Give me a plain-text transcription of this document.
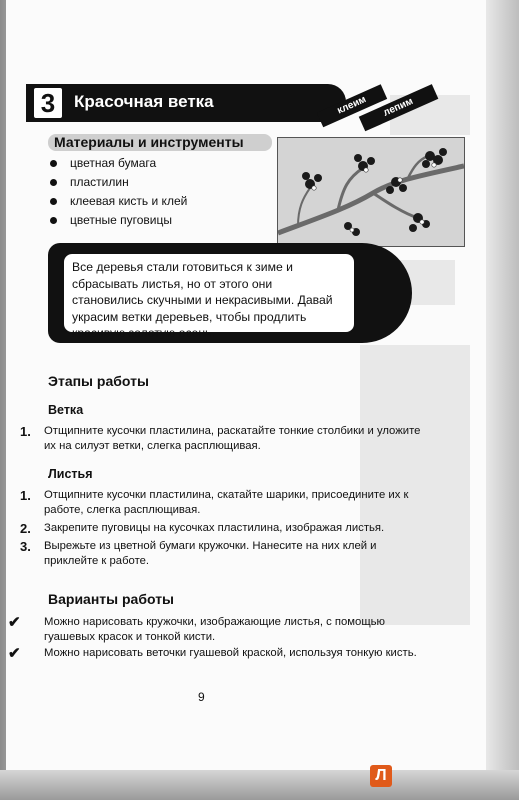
3	Красочная ветка	клеим	лепим
Материалы и инструменты
цветная бумага
пластилин
клеевая кисть и клей
цветные пуговицы
Все деревья стали готовиться к зиме и сбрасывать листья, но от этого они становились скучными и некрасивыми. Давай украсим ветки деревьев, чтобы продлить красивую золотую осень.
Этапы работы
Ветка
1. Отщипните кусочки пластилина, раскатайте тонкие столбики и уложите их на силуэт ветки, слегка расплющивая.
Листья
1. Отщипните кусочки пластилина, скатайте шарики, присоедините их к работе, слегка расплющивая.
2. Закрепите пуговицы на кусочках пластилина, изображая листья.
3. Вырежьте из цветной бумаги кружочки. Нанесите на них клей и приклейте к работе.
Варианты работы
✔ Можно нарисовать кружочки, изображающие листья, с помощью гуашевых красок и тонкой кисти.
✔ Можно нарисовать веточки гуашевой краской, используя тонкую кисть.
9
Л
